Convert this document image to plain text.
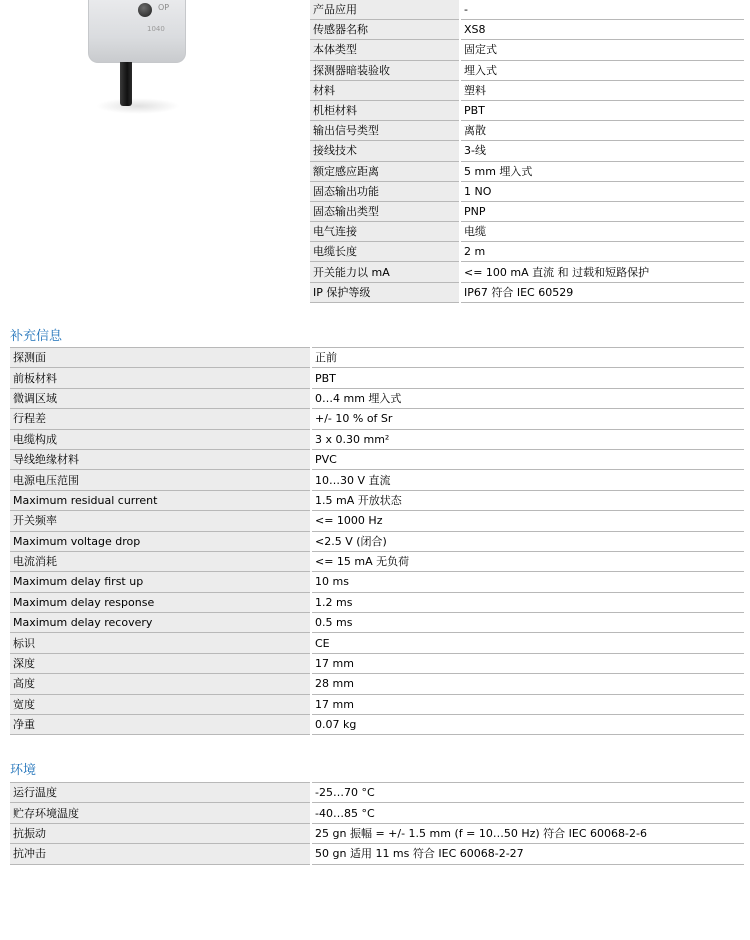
OP
1040
产品应用	-
传感器名称	XS8
本体类型	固定式
探测器暗装验收	埋入式
材料	塑料
机柜材料	PBT
输出信号类型	离散
接线技术	3-线
额定感应距离	5 mm 埋入式
固态输出功能	1 NO
固态输出类型	PNP
电气连接	电缆
电缆长度	2 m
开关能力以 mA	<= 100 mA 直流 和 过载和短路保护
IP 保护等级	IP67 符合 IEC 60529
补充信息
探测面	正前
前板材料	PBT
微调区域	0…4 mm 埋入式
行程差	+/- 10 % of Sr
电缆构成	3 x 0.30 mm²
导线绝缘材料	PVC
电源电压范围	10…30 V 直流
Maximum residual current	1.5 mA 开放状态
开关频率	<= 1000 Hz
Maximum voltage drop	<2.5 V (闭合)
电流消耗	<= 15 mA 无负荷
Maximum delay first up	10 ms
Maximum delay response	1.2 ms
Maximum delay recovery	0.5 ms
标识	CE
深度	17 mm
高度	28 mm
宽度	17 mm
净重	0.07 kg
环境
运行温度	-25…70 °C
贮存环境温度	-40…85 °C
抗振动	25 gn 振幅 = +/- 1.5 mm (f = 10…50 Hz) 符合 IEC 60068-2-6
抗冲击	50 gn 适用 11 ms 符合 IEC 60068-2-27
